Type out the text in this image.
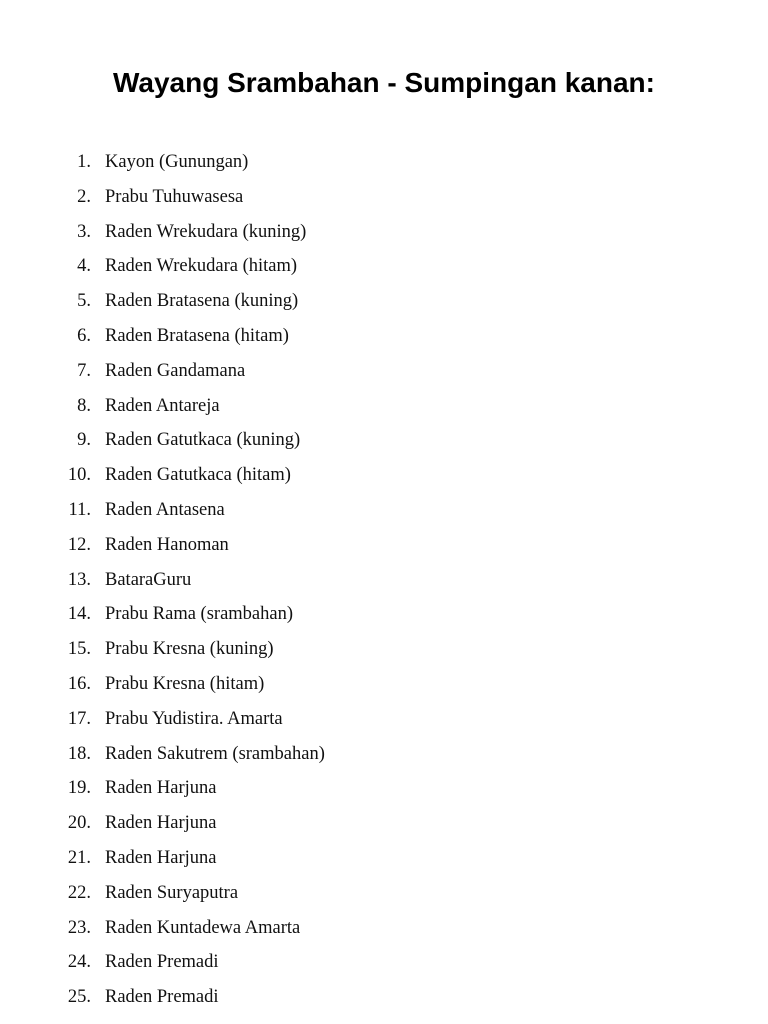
Wayang Srambahan - Sumpingan kanan:
1. Kayon (Gunungan)
2. Prabu Tuhuwasesa
3. Raden Wrekudara (kuning)
4. Raden Wrekudara (hitam)
5. Raden Bratasena (kuning)
6. Raden Bratasena (hitam)
7. Raden Gandamana
8. Raden Antareja
9. Raden Gatutkaca (kuning)
10. Raden Gatutkaca (hitam)
11. Raden Antasena
12. Raden Hanoman
13. BataraGuru
14. Prabu Rama (srambahan)
15. Prabu Kresna (kuning)
16. Prabu Kresna (hitam)
17. Prabu Yudistira. Amarta
18. Raden Sakutrem (srambahan)
19. Raden Harjuna
20. Raden Harjuna
21. Raden Harjuna
22. Raden Suryaputra
23. Raden Kuntadewa Amarta
24. Raden Premadi
25. Raden Premadi
